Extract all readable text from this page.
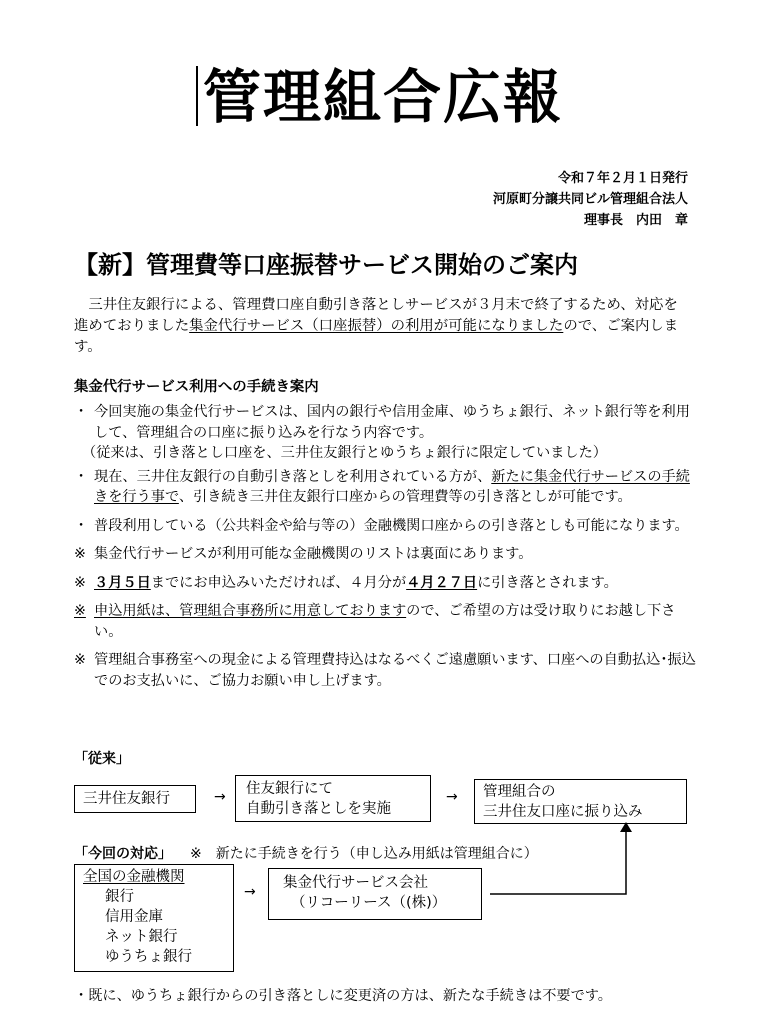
管理組合広報
令和７年２月１日発行
河原町分譲共同ビル管理組合法人
理事長　内田　章
【新】管理費等口座振替サービス開始のご案内
　三井住友銀行による、管理費口座自動引き落としサービスが３月末で終了するため、対応を進めておりました集金代行サービス（口座振替）の利用が可能になりましたので、ご案内します。
集金代行サービス利用への手続き案内
・ 今回実施の集金代行サービスは、国内の銀行や信用金庫、ゆうちょ銀行、ネット銀行等を利用して、管理組合の口座に振り込みを行なう内容です。
（従来は、引き落とし口座を、三井住友銀行とゆうちょ銀行に限定していました）
・ 現在、三井住友銀行の自動引き落としを利用されている方が、新たに集金代行サービスの手続きを行う事で、引き続き三井住友銀行口座からの管理費等の引き落としが可能です。
・ 普段利用している（公共料金や給与等の）金融機関口座からの引き落としも可能になります。
※ 集金代行サービスが利用可能な金融機関のリストは裏面にあります。
※ ３月５日までにお申込みいただければ、４月分が４月２７日に引き落とされます。
※ 申込用紙は、管理組合事務所に用意しておりますので、ご希望の方は受け取りにお越し下さい。
※ 管理組合事務室への現金による管理費持込はなるべくご遠慮願います、口座への自動払込･振込でのお支払いに、ご協力お願い申し上げます。
「従来」
三井住友銀行	→ 住友銀行にて
自動引き落としを実施
→ 管理組合の
三井住友口座に振り込み
「今回の対応」 ※　新たに手続きを行う（申し込み用紙は管理組合に）
全国の金融機関
銀行
信用金庫
ネット銀行
ゆうちょ銀行
→
集金代行サービス会社
（リコーリース（(株)）
・既に、ゆうちょ銀行からの引き落としに変更済の方は、新たな手続きは不要です。
